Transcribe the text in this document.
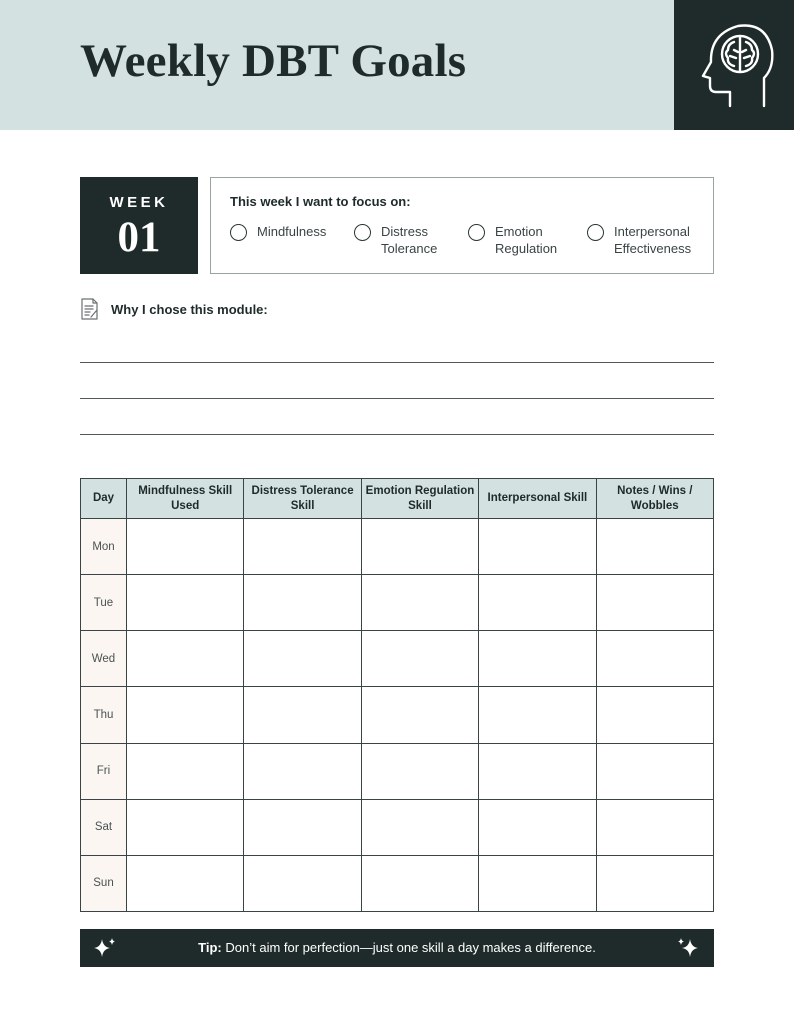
Weekly DBT Goals
WEEK
01
This week I want to focus on:
Mindfulness	Distress
Tolerance
Emotion
Regulation
Interpersonal
Effectiveness
Why I chose this module:
Day	Mindfulness Skill Used	Distress Tolerance Skill	Emotion Regulation Skill	Interpersonal Skill	Notes / Wins / Wobbles
Mon					
Tue					
Wed					
Thu					
Fri					
Sat					
Sun					
Tip: Don’t aim for perfection—just one skill a day makes a difference.
